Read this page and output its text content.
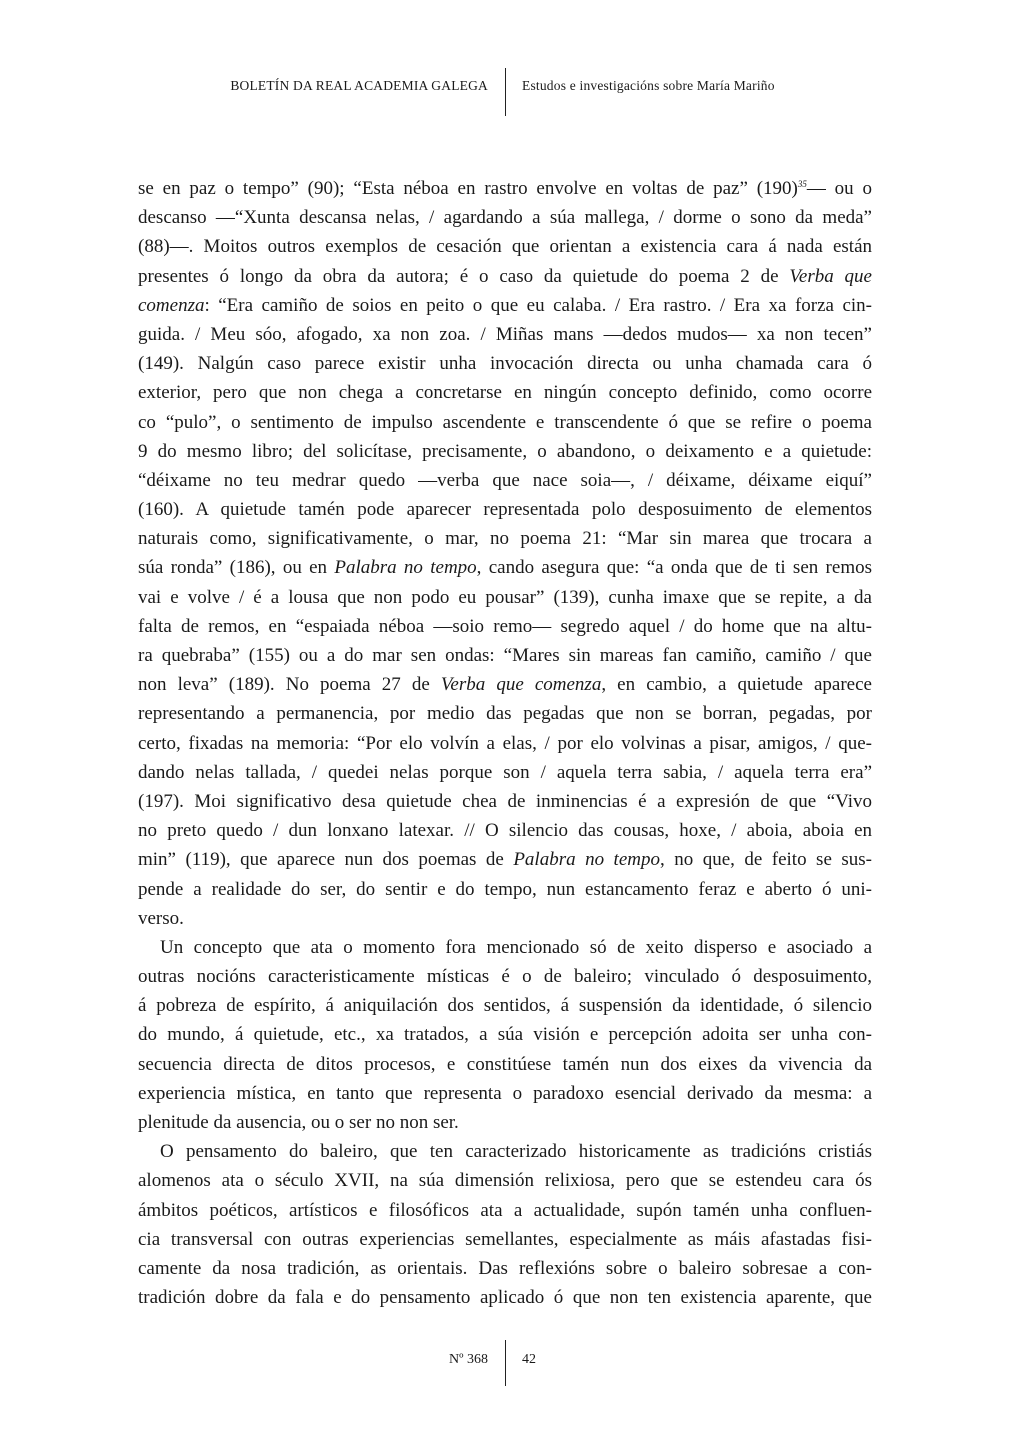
BOLETÍN DA REAL ACADEMIA GALEGA	Estudos e investigacións sobre María Mariño
se en paz o tempo” (90); “Esta néboa en rastro envolve en voltas de paz” $(190)^{35}—$ ou o
descanso —“Xunta descansa nelas, / agardando a súa mallega, / dorme o sono da meda”
(88)—. Moitos outros exemplos de cesación que orientan a existencia cara á nada están
presentes ó longo da obra da autora; é o caso da quietude do poema 2 de Verba que
comenza: “Era camiño de soios en peito o que eu calaba. / Era rastro. / Era xa forza cin-
guida. / Meu sóo, afogado, xa non zoa. / Miñas mans —dedos mudos— xa non tecen”
(149). Nalgún caso parece existir unha invocación directa ou unha chamada cara ó
exterior, pero que non chega a concretarse en ningún concepto definido, como ocorre
co “pulo”, o sentimento de impulso ascendente e transcendente ó que se refire o poema
9 do mesmo libro; del solicítase, precisamente, o abandono, o deixamento e a quietude:
“déixame no teu medrar quedo —verba que nace soia—, / déixame, déixame eiquí”
(160). A quietude tamén pode aparecer representada polo desposuimento de elementos
naturais como, significativamente, o mar, no poema 21: “Mar sin marea que trocara a
súa ronda” (186), ou en Palabra no tempo, cando asegura que: “a onda que de ti sen remos
vai e volve / é a lousa que non podo eu pousar” (139), cunha imaxe que se repite, a da
falta de remos, en “espaiada néboa —soio remo— segredo aquel / do home que na altu-
ra quebraba” (155) ou a do mar sen ondas: “Mares sin mareas fan camiño, camiño / que
non leva” (189). No poema 27 de Verba que comenza, en cambio, a quietude aparece
representando a permanencia, por medio das pegadas que non se borran, pegadas, por
certo, fixadas na memoria: “Por elo volvín a elas, / por elo volvinas a pisar, amigos, / que-
dando nelas tallada, / quedei nelas porque son / aquela terra sabia, / aquela terra era”
(197). Moi significativo desa quietude chea de inminencias é a expresión de que “Vivo
no preto quedo / dun lonxano latexar. // O silencio das cousas, hoxe, / aboia, aboia en
min” (119), que aparece nun dos poemas de Palabra no tempo, no que, de feito se sus-
pende a realidade do ser, do sentir e do tempo, nun estancamento feraz e aberto ó uni-
verso.
Un concepto que ata o momento fora mencionado só de xeito disperso e asociado a
outras nocións caracteristicamente místicas é o de baleiro; vinculado ó desposuimento,
á pobreza de espírito, á aniquilación dos sentidos, á suspensión da identidade, ó silencio
do mundo, á quietude, etc., xa tratados, a súa visión e percepción adoita ser unha con-
secuencia directa de ditos procesos, e constitúese tamén nun dos eixes da vivencia da
experiencia mística, en tanto que representa o paradoxo esencial derivado da mesma: a
plenitude da ausencia, ou o ser no non ser.
O pensamento do baleiro, que ten caracterizado historicamente as tradicións cristiás
alomenos ata o século XVII, na súa dimensión relixiosa, pero que se estendeu cara ós
ámbitos poéticos, artísticos e filosóficos ata a actualidade, supón tamén unha confluen-
cia transversal con outras experiencias semellantes, especialmente as máis afastadas fisi-
camente da nosa tradición, as orientais. Das reflexións sobre o baleiro sobresae a con-
tradición dobre da fala e do pensamento aplicado ó que non ten existencia aparente, que
Nº 368 42
